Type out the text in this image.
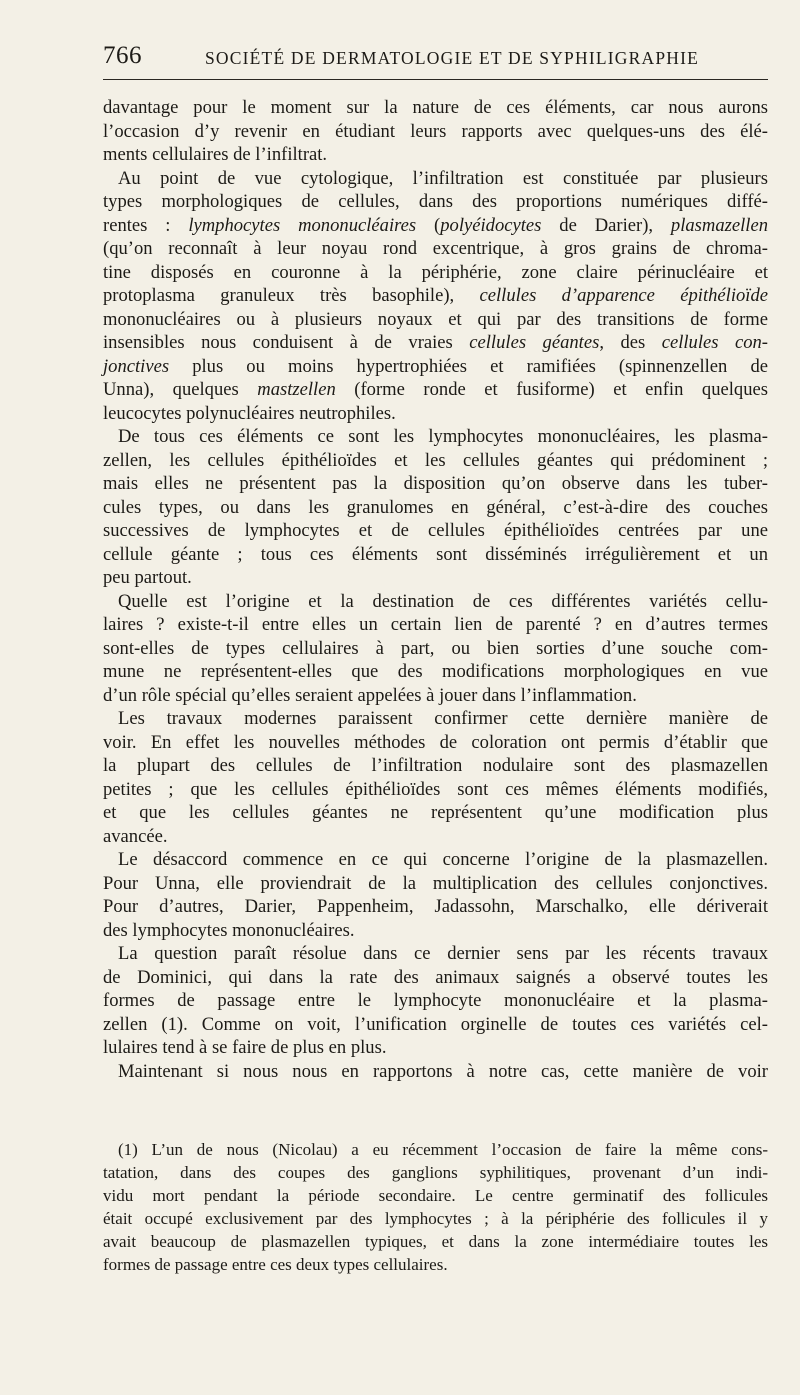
766	SOCIÉTÉ DE DERMATOLOGIE ET DE SYPHILIGRAPHIE
davantage pour le moment sur la nature de ces éléments, car nous aurons
l’occasion d’y revenir en étudiant leurs rapports avec quelques-uns des élé-
ments cellulaires de l’infiltrat.
Au point de vue cytologique, l’infiltration est constituée par plusieurs
types morphologiques de cellules, dans des proportions numériques diffé-
rentes : lymphocytes mononucléaires (polyéidocytes de Darier), plasmazellen
(qu’on reconnaît à leur noyau rond excentrique, à gros grains de chroma-
tine disposés en couronne à la périphérie, zone claire périnucléaire et
protoplasma granuleux très basophile), cellules d’apparence épithélioïde
mononucléaires ou à plusieurs noyaux et qui par des transitions de forme
insensibles nous conduisent à de vraies cellules géantes, des cellules con-
jonctives plus ou moins hypertrophiées et ramifiées (spinnenzellen de
Unna), quelques mastzellen (forme ronde et fusiforme) et enfin quelques
leucocytes polynucléaires neutrophiles.
De tous ces éléments ce sont les lymphocytes mononucléaires, les plasma-
zellen, les cellules épithélioïdes et les cellules géantes qui prédominent ;
mais elles ne présentent pas la disposition qu’on observe dans les tuber-
cules types, ou dans les granulomes en général, c’est-à-dire des couches
successives de lymphocytes et de cellules épithélioïdes centrées par une
cellule géante ; tous ces éléments sont disséminés irrégulièrement et un
peu partout.
Quelle est l’origine et la destination de ces différentes variétés cellu-
laires ? existe-t-il entre elles un certain lien de parenté ? en d’autres termes
sont-elles de types cellulaires à part, ou bien sorties d’une souche com-
mune ne représentent-elles que des modifications morphologiques en vue
d’un rôle spécial qu’elles seraient appelées à jouer dans l’inflammation.
Les travaux modernes paraissent confirmer cette dernière manière de
voir. En effet les nouvelles méthodes de coloration ont permis d’établir que
la plupart des cellules de l’infiltration nodulaire sont des plasmazellen
petites ; que les cellules épithélioïdes sont ces mêmes éléments modifiés,
et que les cellules géantes ne représentent qu’une modification plus
avancée.
Le désaccord commence en ce qui concerne l’origine de la plasmazellen.
Pour Unna, elle proviendrait de la multiplication des cellules conjonctives.
Pour d’autres, Darier, Pappenheim, Jadassohn, Marschalko, elle dériverait
des lymphocytes mononucléaires.
La question paraît résolue dans ce dernier sens par les récents travaux
de Dominici, qui dans la rate des animaux saignés a observé toutes les
formes de passage entre le lymphocyte mononucléaire et la plasma-
zellen (1). Comme on voit, l’unification orginelle de toutes ces variétés cel-
lulaires tend à se faire de plus en plus.
Maintenant si nous nous en rapportons à notre cas, cette manière de voir
(1) L’un de nous (Nicolau) a eu récemment l’occasion de faire la même cons-
tatation, dans des coupes des ganglions syphilitiques, provenant d’un indi-
vidu mort pendant la période secondaire. Le centre germinatif des follicules
était occupé exclusivement par des lymphocytes ; à la périphérie des follicules il y
avait beaucoup de plasmazellen typiques, et dans la zone intermédiaire toutes les
formes de passage entre ces deux types cellulaires.
